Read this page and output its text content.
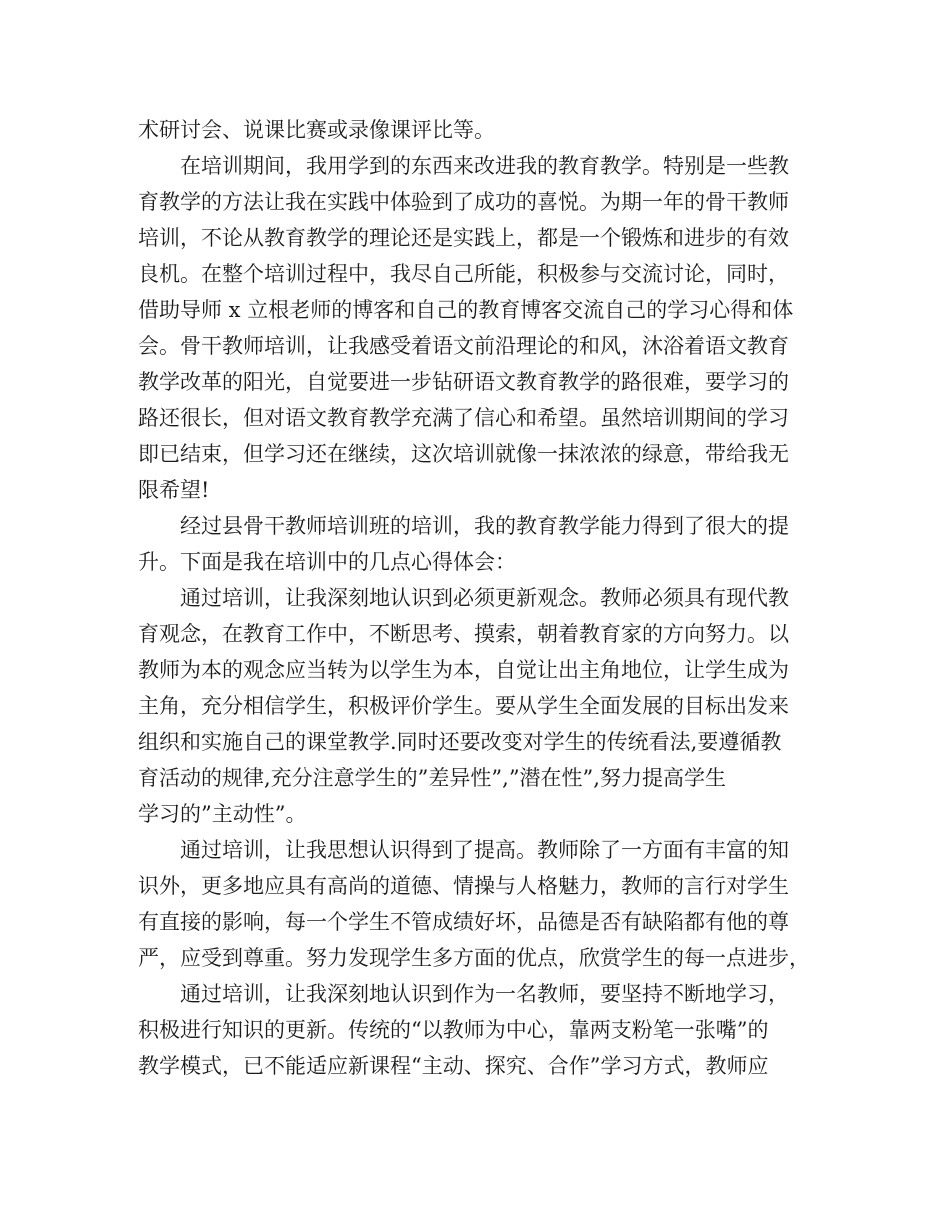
术研讨会、说课比赛或录像课评比等。
在培训期间，我用学到的东西来改进我的教育教学。特别是一些教
育教学的方法让我在实践中体验到了成功的喜悦。为期一年的骨干教师
培训，不论从教育教学的理论还是实践上，都是一个锻炼和进步的有效
良机。在整个培训过程中，我尽自己所能，积极参与交流讨论，同时，
借助导师 x 立根老师的博客和自己的教育博客交流自己的学习心得和体
会。骨干教师培训，让我感受着语文前沿理论的和风，沐浴着语文教育
教学改革的阳光，自觉要进一步钻研语文教育教学的路很难，要学习的
路还很长，但对语文教育教学充满了信心和希望。虽然培训期间的学习
即已结束，但学习还在继续，这次培训就像一抹浓浓的绿意，带给我无
限希望!
经过县骨干教师培训班的培训，我的教育教学能力得到了很大的提
升。下面是我在培训中的几点心得体会：
通过培训，让我深刻地认识到必须更新观念。教师必须具有现代教
育观念，在教育工作中，不断思考、摸索，朝着教育家的方向努力。以
教师为本的观念应当转为以学生为本，自觉让出主角地位，让学生成为
主角，充分相信学生，积极评价学生。要从学生全面发展的目标出发来
组织和实施自己的课堂教学.同时还要改变对学生的传统看法,要遵循教
育活动的规律,充分注意学生的”差异性”,”潜在性”,努力提高学生
学习的”主动性”。
通过培训，让我思想认识得到了提高。教师除了一方面有丰富的知
识外，更多地应具有高尚的道德、情操与人格魅力，教师的言行对学生
有直接的影响，每一个学生不管成绩好坏，品德是否有缺陷都有他的尊
严，应受到尊重。努力发现学生多方面的优点，欣赏学生的每一点进步，
通过培训，让我深刻地认识到作为一名教师，要坚持不断地学习，
积极进行知识的更新。传统的“以教师为中心，靠两支粉笔一张嘴”的
教学模式，已不能适应新课程“主动、探究、合作”学习方式，教师应
